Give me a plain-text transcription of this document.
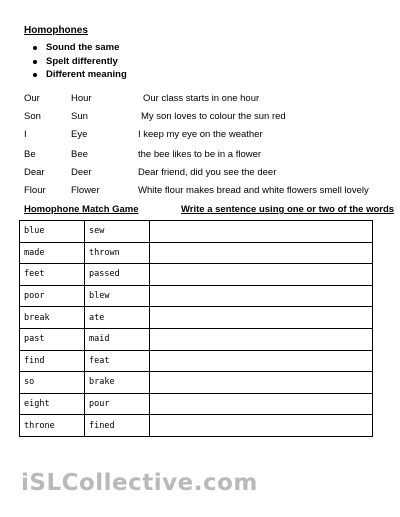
Homophones
Sound the same
Spelt differently
Different meaning
Our	Hour	Our class starts in one hour
Son	Sun	My son loves to colour the sun red
I	Eye	I keep my eye on the weather
Be	Bee	the bee likes to be in a flower
Dear	Deer	Dear friend, did you see the deer
Flour	Flower	White flour makes bread and white flowers smell lovely
Homophone Match Game	Write a sentence using one or two of the words
blue	sew	
made	thrown	
feet	passed	
poor	blew	
break	ate	
past	maid	
find	feat	
so	brake	
eight	pour	
throne	fined	
iSLCollective.com
